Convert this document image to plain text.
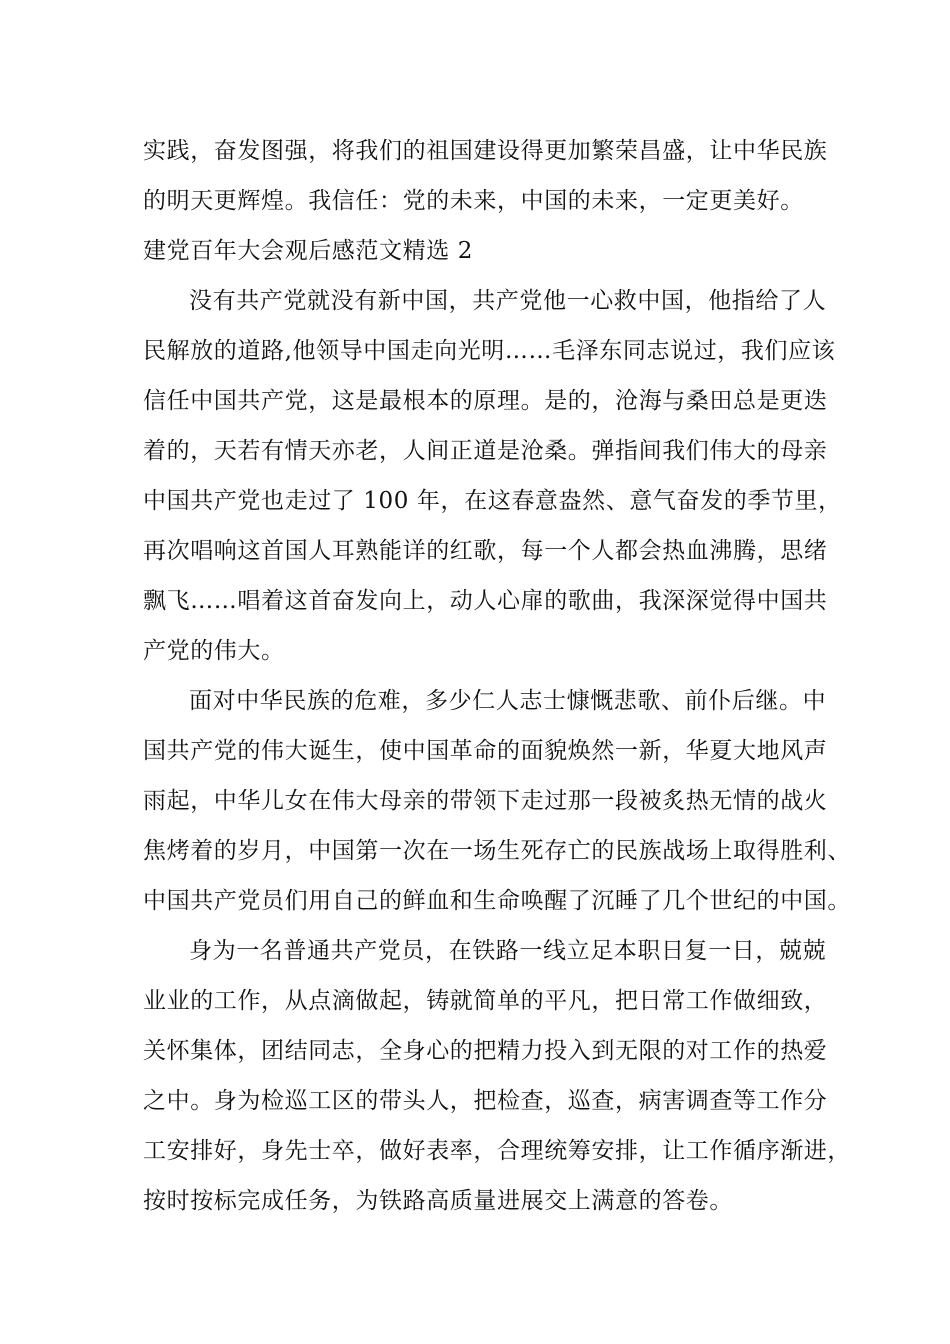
实践，奋发图强，将我们的祖国建设得更加繁荣昌盛，让中华民族
的明天更辉煌。我信任：党的未来，中国的未来，一定更美好。
建党百年大会观后感范文精选 2
没有共产党就没有新中国，共产党他一心救中国，他指给了人
民解放的道路,他领导中国走向光明……毛泽东同志说过，我们应该
信任中国共产党，这是最根本的原理。是的，沧海与桑田总是更迭
着的，天若有情天亦老，人间正道是沧桑。弹指间我们伟大的母亲
中国共产党也走过了 100 年，在这春意盎然、意气奋发的季节里，
再次唱响这首国人耳熟能详的红歌，每一个人都会热血沸腾，思绪
飘飞……唱着这首奋发向上，动人心扉的歌曲，我深深觉得中国共
产党的伟大。
面对中华民族的危难，多少仁人志士慷慨悲歌、前仆后继。中
国共产党的伟大诞生，使中国革命的面貌焕然一新，华夏大地风声
雨起，中华儿女在伟大母亲的带领下走过那一段被炙热无情的战火
焦烤着的岁月，中国第一次在一场生死存亡的民族战场上取得胜利、
中国共产党员们用自己的鲜血和生命唤醒了沉睡了几个世纪的中国。
身为一名普通共产党员，在铁路一线立足本职日复一日，兢兢
业业的工作，从点滴做起，铸就简单的平凡，把日常工作做细致，
关怀集体，团结同志，全身心的把精力投入到无限的对工作的热爱
之中。身为检巡工区的带头人，把检查，巡查，病害调查等工作分
工安排好，身先士卒，做好表率，合理统筹安排，让工作循序渐进，
按时按标完成任务，为铁路高质量进展交上满意的答卷。
